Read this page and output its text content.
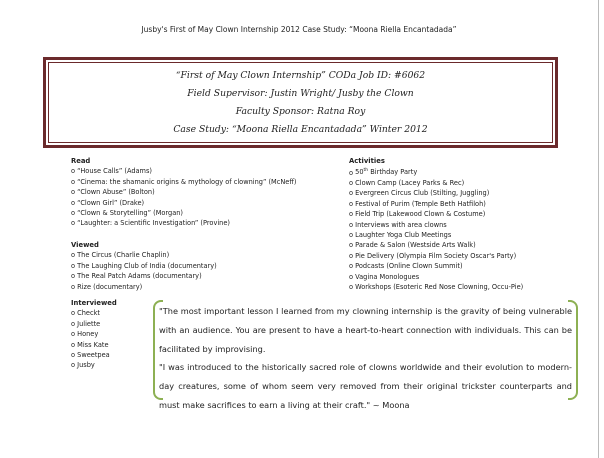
Jusby's First of May Clown Internship 2012 Case Study: “Moona Riella Encantadada”
“First of May Clown Internship” CODa Job ID: #6062
Field Supervisor: Justin Wright/ Jusby the Clown
Faculty Sponsor: Ratna Roy
Case Study: “Moona Riella Encantadada” Winter 2012
Read
o “House Calls” (Adams)
o “Cinema: the shamanic origins & mythology of clowning” (McNeff)
o “Clown Abuse” (Bolton)
o “Clown Girl” (Drake)
o “Clown & Storytelling” (Morgan)
o “Laughter: a Scientific Investigation” (Provine)
Viewed
o The Circus (Charlie Chaplin)
o The Laughing Club of India (documentary)
o The Real Patch Adams (documentary)
o Rize (documentary)
Interviewed
o Checkt
o Juliette
o Honey
o Miss Kate
o Sweetpea
o Jusby
Activities
o 50th Birthday Party
o Clown Camp (Lacey Parks & Rec)
o Evergreen Circus Club (Stilting, Juggling)
o Festival of Purim (Temple Beth Hatfiloh)
o Field Trip (Lakewood Clown & Costume)
o Interviews with area clowns
o Laughter Yoga Club Meetings
o Parade & Salon (Westside Arts Walk)
o Pie Delivery (Olympia Film Society Oscar's Party)
o Podcasts (Online Clown Summit)
o Vagina Monologues
o Workshops (Esoteric Red Nose Clowning, Occu-Pie)

"The most important lesson I learned from my clowning internship is the gravity of being vulnerable with an audience. You are present to have a heart-to-heart connection with individuals. This can be facilitated by improvising.

"I was introduced to the historically sacred role of clowns worldwide and their evolution to modern-day creatures, some of whom seem very removed from their original trickster counterparts and must make sacrifices to earn a living at their craft." ~ Moona
